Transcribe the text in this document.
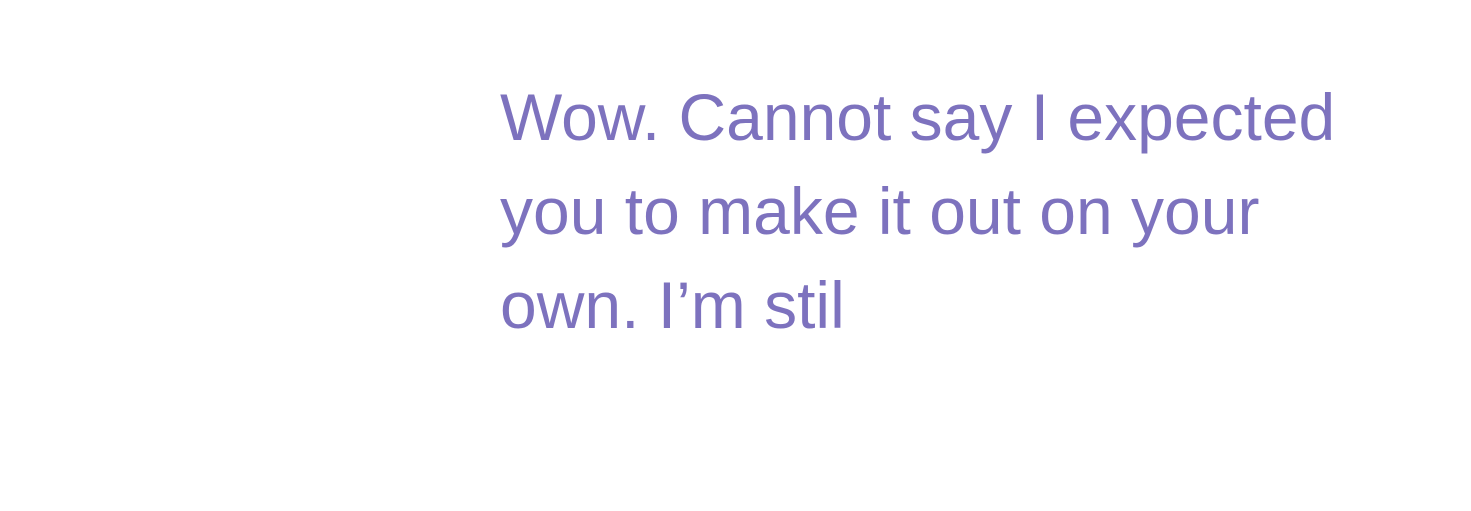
Wow. Cannot say I expected
you to make it out on your
own. I’m stil
